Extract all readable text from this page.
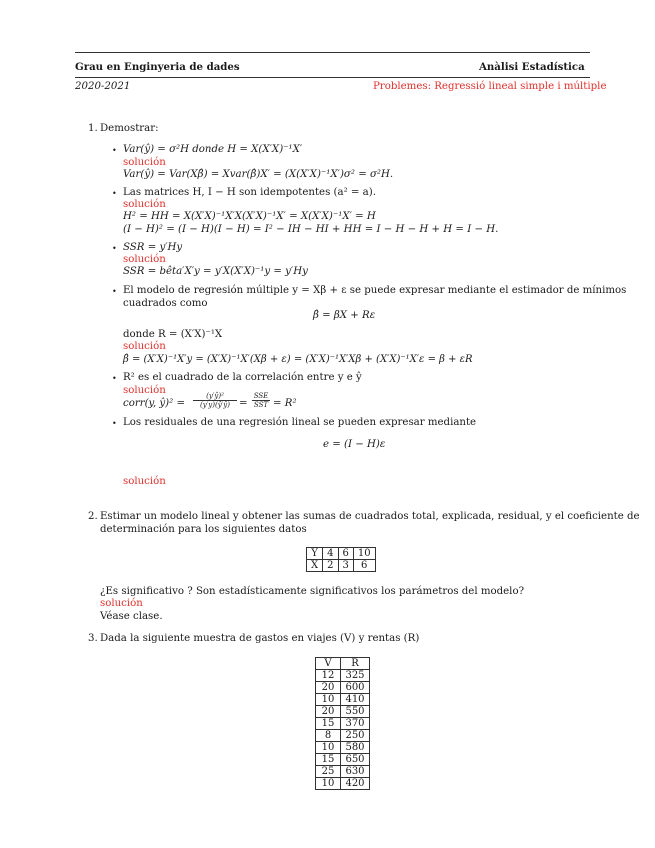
Grau en Enginyeria de dades	Anàlisi Estadística
2020-2021	Problemes: Regressió lineal simple i múltiple
1. Demostrar:
• Var(ŷ) = σ²H donde H = X(X′X)⁻¹X′
solución
Var(ŷ) = Var(Xβ̂) = Xvar(β̂)X′ = (X(X′X)⁻¹X′)σ² = σ²H.
• Las matrices H, I − H son idempotentes (a² = a).
solución
H² = HH = X(X′X)⁻¹X′X(X′X)⁻¹X′ = X(X′X)⁻¹X′ = H
(I − H)² = (I − H)(I − H) = I² − IH − HI + HH = I − H − H + H = I − H.
• SSR = y′Hy
solución
SSR = bêta′X′y = y′X(X′X)⁻¹y = y′Hy
• El modelo de regresión múltiple y = Xβ + ε se puede expresar mediante el estimador de mínimos
cuadrados como
β̂ = βX + Rε
donde R = (X′X)⁻¹X
solución
β̂ = (X′X)⁻¹X′y = (X′X)⁻¹X′(Xβ + ε) = (X′X)⁻¹X′Xβ + (X′X)⁻¹X′ε = β + εR
• R² es el cuadrado de la correlación entre y e ŷ
solución
corr(y, ŷ)² = $\frac{\text{(y′ŷ)²}}{(y'y)(ŷ'ŷ)}$ =
SSE
SST = R²
• Los residuales de una regresión lineal se pueden expresar mediante
e = (I − H)ε
solución
2. Estimar un modelo lineal y obtener las sumas de cuadrados total, explicada, residual, y el coeficiente de
determinación para los siguientes datos
Y	4	6	10
X	2	3	6
¿Es significativo ? Son estadísticamente significativos los parámetros del modelo?
solución
Véase clase.
3. Dada la siguiente muestra de gastos en viajes (V) y rentas (R)
V	R
12	325
20	600
10	410
20	550
15	370
8	250
10	580
15	650
25	630
10	420
